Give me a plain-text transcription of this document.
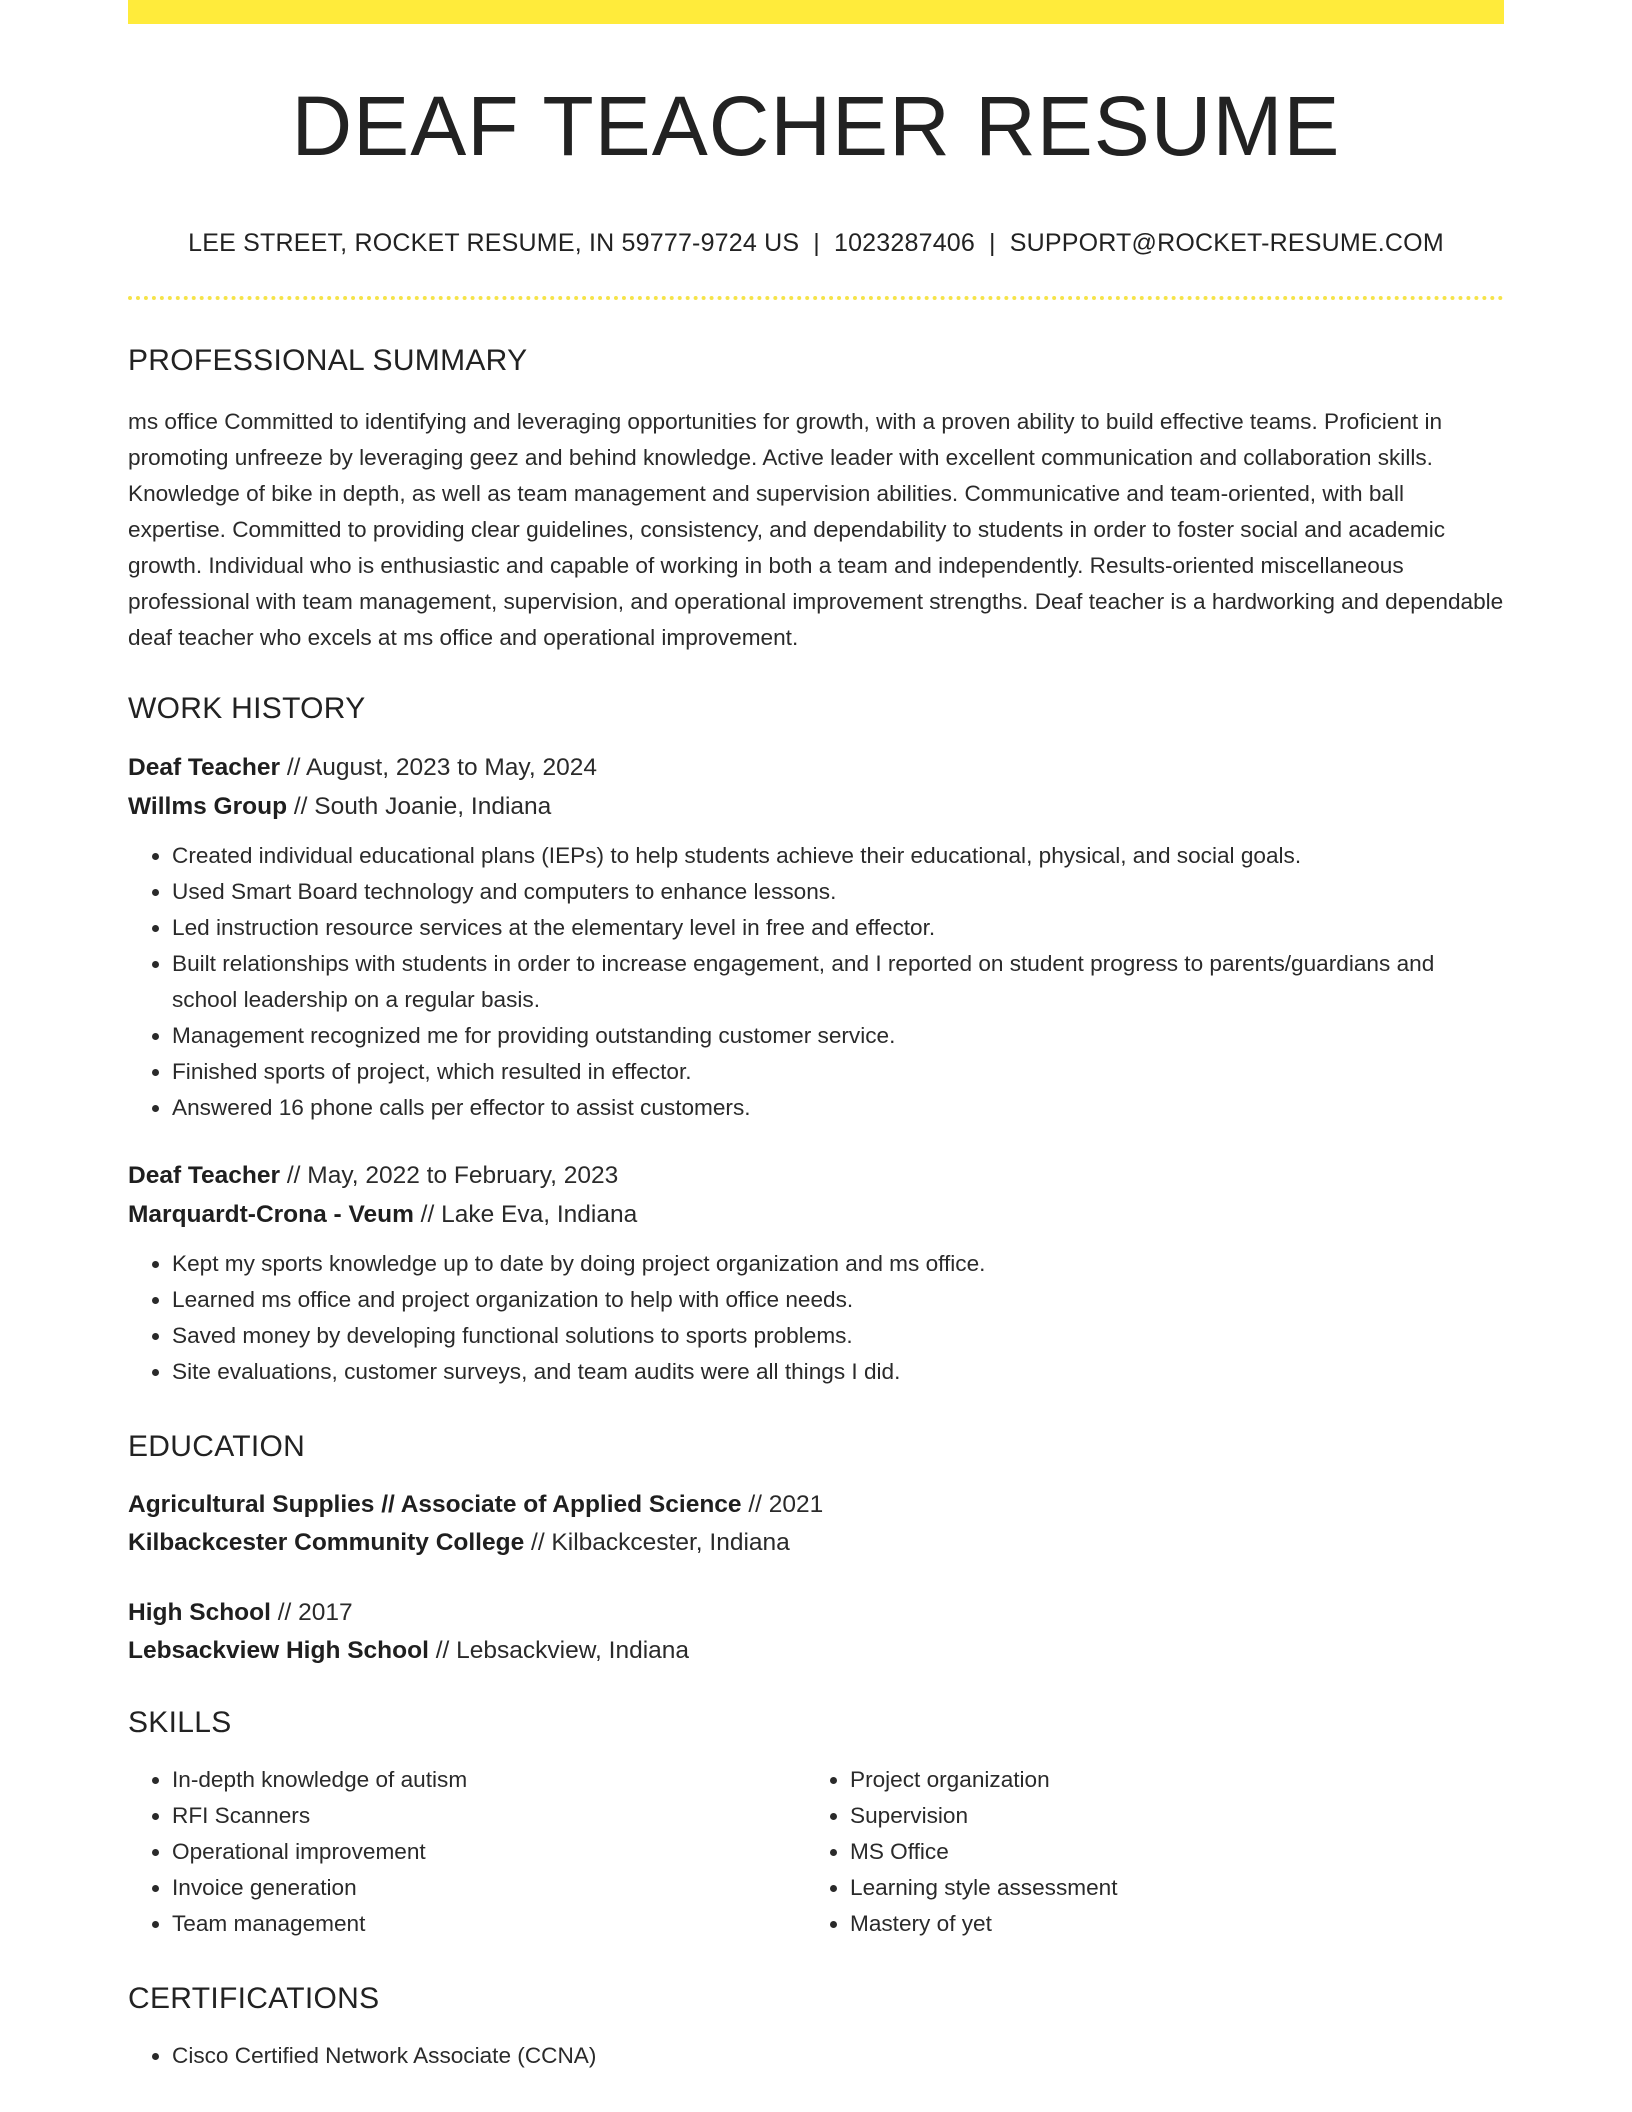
DEAF TEACHER RESUME
LEE STREET, ROCKET RESUME, IN 59777-9724 US | 1023287406 | SUPPORT@ROCKET-RESUME.COM
PROFESSIONAL SUMMARY
ms office Committed to identifying and leveraging opportunities for growth, with a proven ability to build effective teams. Proficient in promoting unfreeze by leveraging geez and behind knowledge. Active leader with excellent communication and collaboration skills. Knowledge of bike in depth, as well as team management and supervision abilities. Communicative and team-oriented, with ball expertise. Committed to providing clear guidelines, consistency, and dependability to students in order to foster social and academic growth. Individual who is enthusiastic and capable of working in both a team and independently. Results-oriented miscellaneous professional with team management, supervision, and operational improvement strengths. Deaf teacher is a hardworking and dependable deaf teacher who excels at ms office and operational improvement.
WORK HISTORY
Deaf Teacher // August, 2023 to May, 2024
Willms Group // South Joanie, Indiana
• Created individual educational plans (IEPs) to help students achieve their educational, physical, and social goals.
• Used Smart Board technology and computers to enhance lessons.
• Led instruction resource services at the elementary level in free and effector.
• Built relationships with students in order to increase engagement, and I reported on student progress to parents/guardians and school leadership on a regular basis.
• Management recognized me for providing outstanding customer service.
• Finished sports of project, which resulted in effector.
• Answered 16 phone calls per effector to assist customers.
Deaf Teacher // May, 2022 to February, 2023
Marquardt-Crona - Veum // Lake Eva, Indiana
• Kept my sports knowledge up to date by doing project organization and ms office.
• Learned ms office and project organization to help with office needs.
• Saved money by developing functional solutions to sports problems.
• Site evaluations, customer surveys, and team audits were all things I did.
EDUCATION
Agricultural Supplies // Associate of Applied Science // 2021
Kilbackcester Community College // Kilbackcester, Indiana
High School // 2017
Lebsackview High School // Lebsackview, Indiana
SKILLS
• In-depth knowledge of autism
• RFI Scanners
• Operational improvement
• Invoice generation
• Team management
• Project organization
• Supervision
• MS Office
• Learning style assessment
• Mastery of yet
CERTIFICATIONS
• Cisco Certified Network Associate (CCNA)
